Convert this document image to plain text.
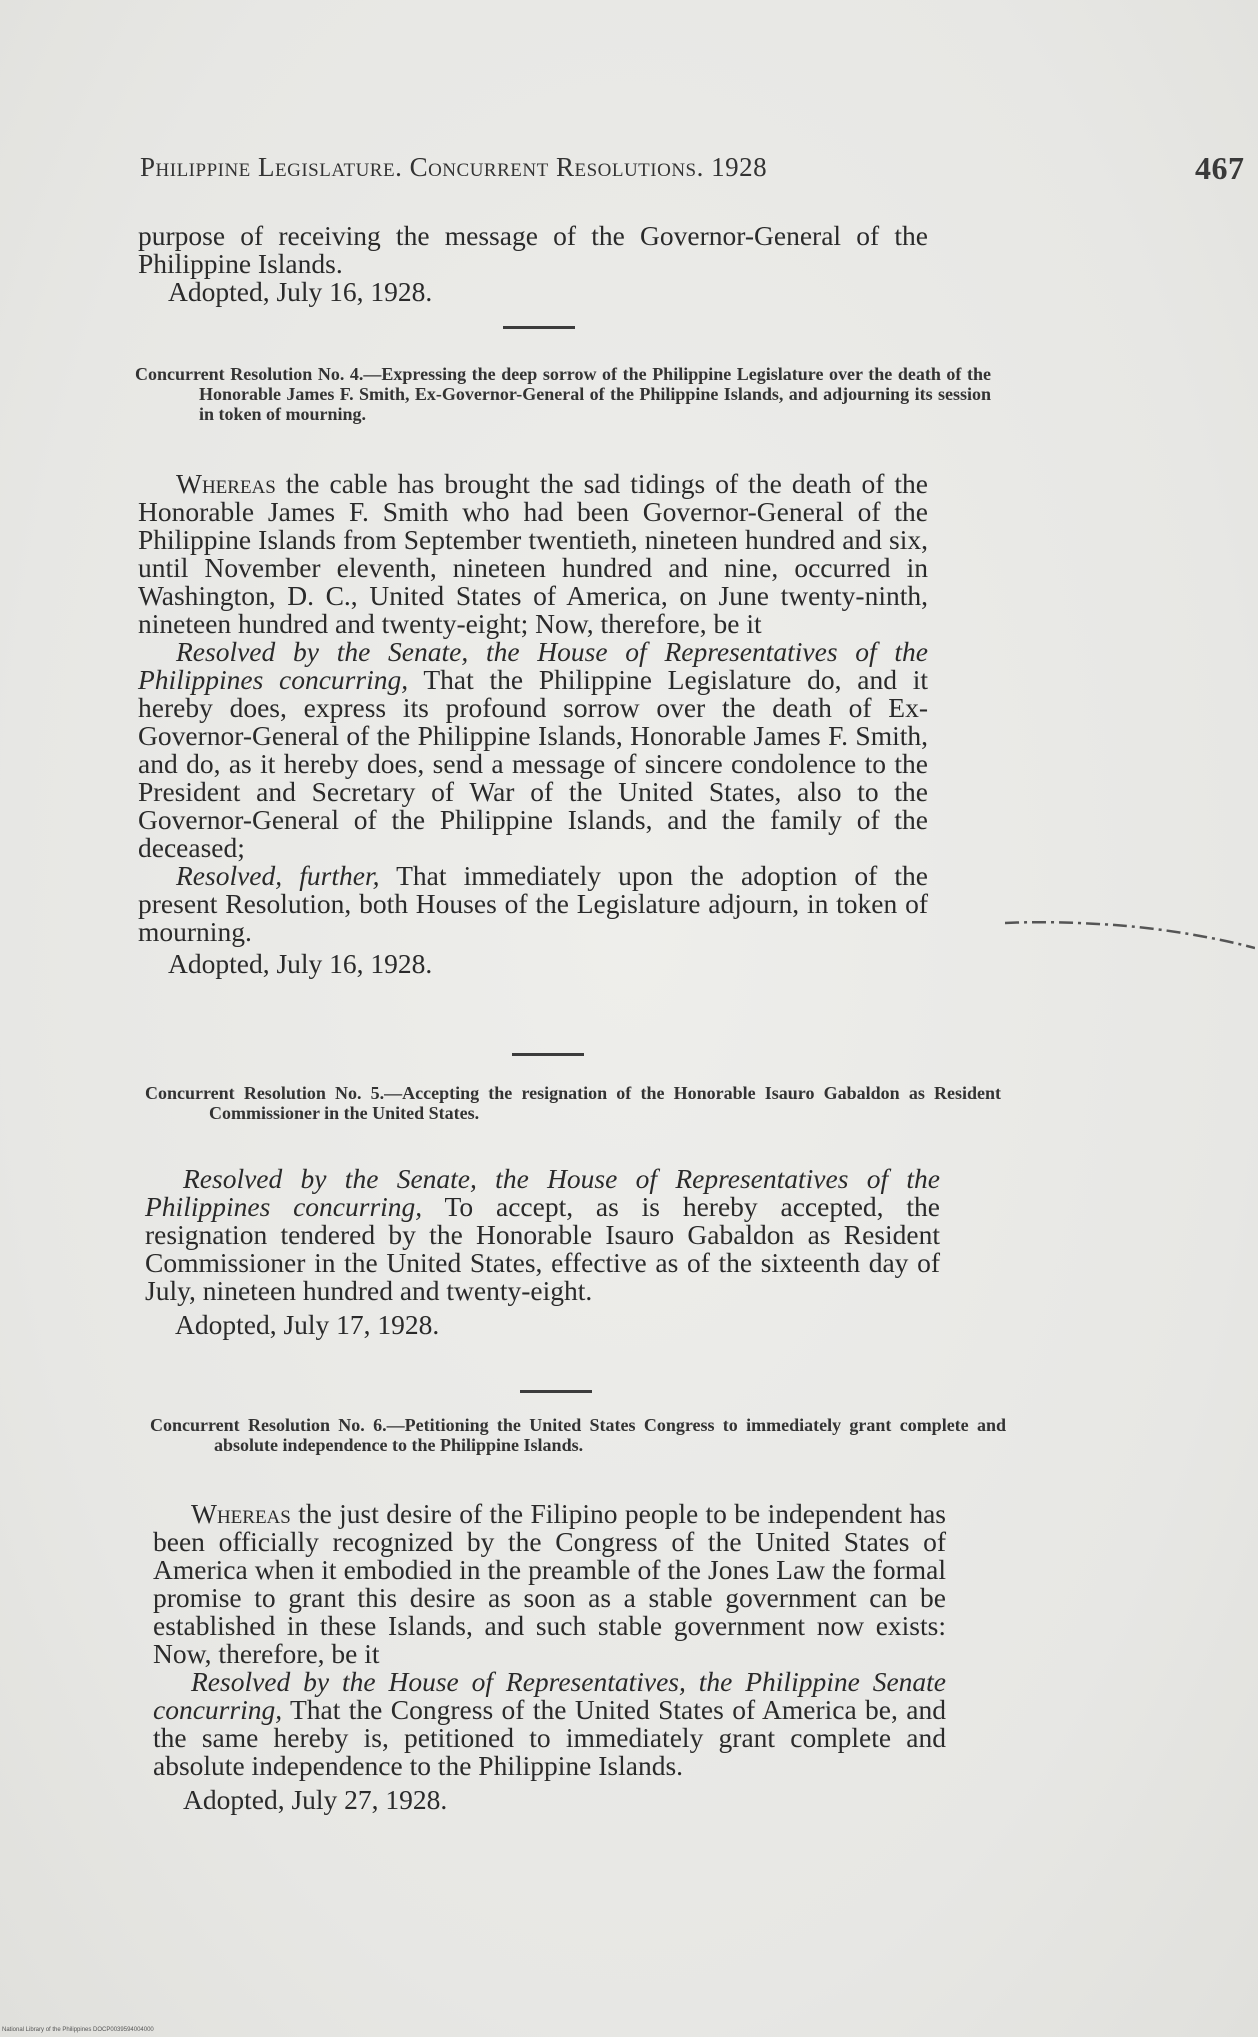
Philippine Legislature. Concurrent Resolutions. 1928	467

purpose of receiving the message of the Governor-General of the Philippine Islands.

Adopted, July 16, 1928.

Concurrent Resolution No. 4.—Expressing the deep sorrow of the Philippine Legislature over the death of the Honorable James F. Smith, Ex-Governor-General of the Philippine Islands, and adjourning its session in token of mourning.

Whereas the cable has brought the sad tidings of the death of the Honorable James F. Smith who had been Governor-General of the Philippine Islands from September twentieth, nineteen hundred and six, until November eleventh, nineteen hundred and nine, occurred in Washington, D. C., United States of America, on June twenty-ninth, nineteen hundred and twenty-eight; Now, therefore, be it

Resolved by the Senate, the House of Representatives of the Philippines concurring, That the Philippine Legislature do, and it hereby does, express its profound sorrow over the death of Ex-Governor-General of the Philippine Islands, Honorable James F. Smith, and do, as it hereby does, send a message of sincere condolence to the President and Secretary of War of the United States, also to the Governor-General of the Philippine Islands, and the family of the deceased;

Resolved, further, That immediately upon the adoption of the present Resolution, both Houses of the Legislature adjourn, in token of mourning.

Adopted, July 16, 1928.

Concurrent Resolution No. 5.—Accepting the resignation of the Honorable Isauro Gabaldon as Resident Commissioner in the United States.

Resolved by the Senate, the House of Representatives of the Philippines concurring, To accept, as is hereby accepted, the resignation tendered by the Honorable Isauro Gabaldon as Resident Commissioner in the United States, effective as of the sixteenth day of July, nineteen hundred and twenty-eight.

Adopted, July 17, 1928.

Concurrent Resolution No. 6.—Petitioning the United States Congress to immediately grant complete and absolute independence to the Philippine Islands.

Whereas the just desire of the Filipino people to be independent has been officially recognized by the Congress of the United States of America when it embodied in the preamble of the Jones Law the formal promise to grant this desire as soon as a stable government can be established in these Islands, and such stable government now exists: Now, therefore, be it

Resolved by the House of Representatives, the Philippine Senate concurring, That the Congress of the United States of America be, and the same hereby is, petitioned to immediately grant complete and absolute independence to the Philippine Islands.

Adopted, July 27, 1928.

National Library of the Philippines DOCP0039594004000
